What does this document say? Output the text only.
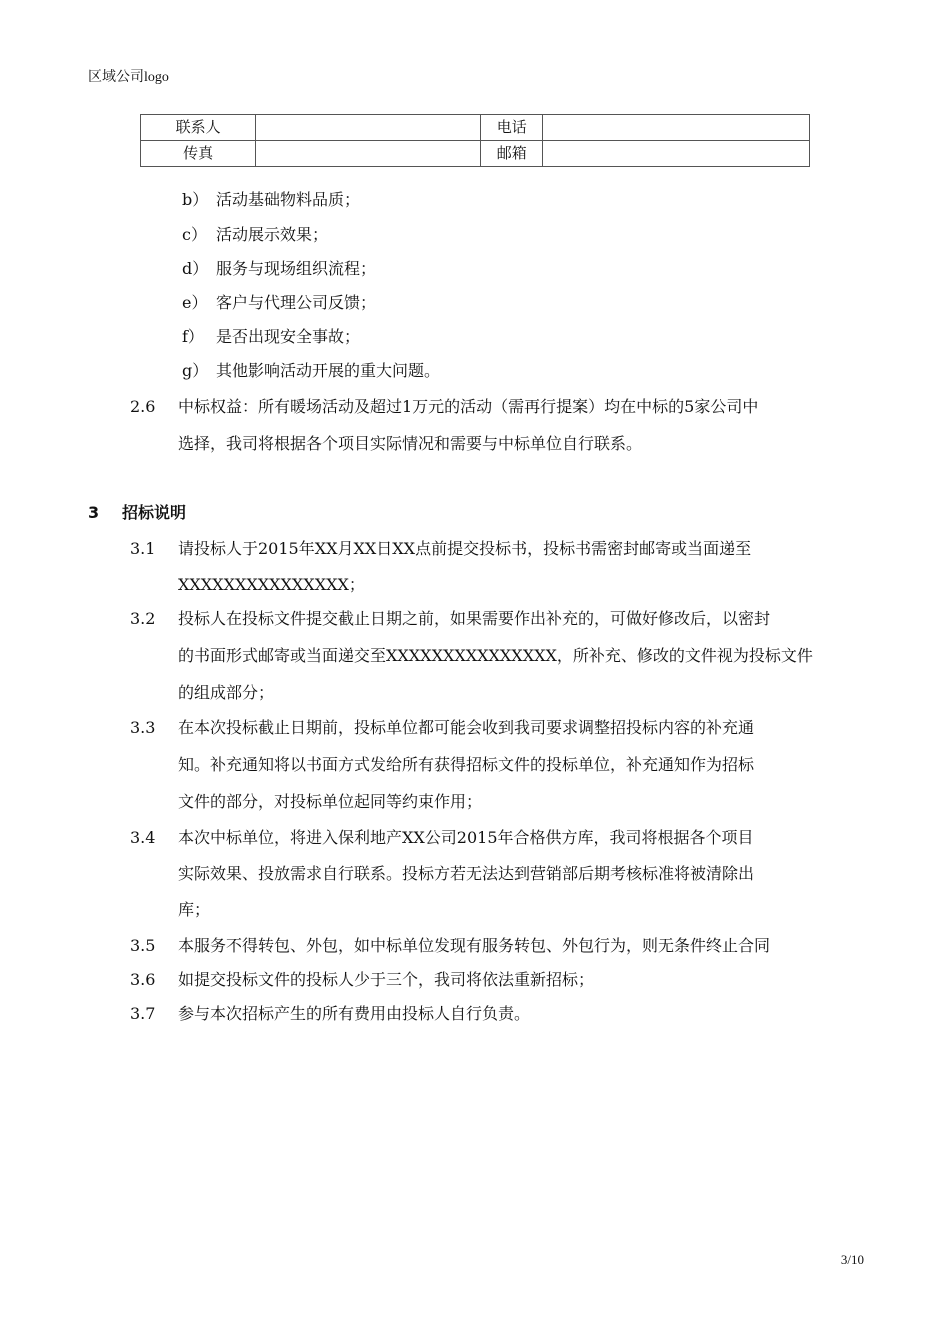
区域公司logo
联系人		电话	
传真		邮箱	
b） 活动基础物料品质；
c） 活动展示效果；
d） 服务与现场组织流程；
e） 客户与代理公司反馈；
f） 是否出现安全事故；
g） 其他影响活动开展的重大问题。
2.6 中标权益：所有暖场活动及超过1万元的活动（需再行提案）均在中标的5家公司中
选择，我司将根据各个项目实际情况和需要与中标单位自行联系。
3 招标说明
3.1 请投标人于2015年XX月XX日XX点前提交投标书，投标书需密封邮寄或当面递至
XXXXXXXXXXXXXXX；
3.2 投标人在投标文件提交截止日期之前，如果需要作出补充的，可做好修改后，以密封
的书面形式邮寄或当面递交至XXXXXXXXXXXXXXX，所补充、修改的文件视为投标文件
的组成部分；
3.3 在本次投标截止日期前，投标单位都可能会收到我司要求调整招投标内容的补充通
知。补充通知将以书面方式发给所有获得招标文件的投标单位，补充通知作为招标
文件的部分，对投标单位起同等约束作用；
3.4 本次中标单位，将进入保利地产XX公司2015年合格供方库，我司将根据各个项目
实际效果、投放需求自行联系。投标方若无法达到营销部后期考核标准将被清除出
库；
3.5 本服务不得转包、外包，如中标单位发现有服务转包、外包行为，则无条件终止合同
3.6 如提交投标文件的投标人少于三个，我司将依法重新招标；
3.7 参与本次招标产生的所有费用由投标人自行负责。
3/10
